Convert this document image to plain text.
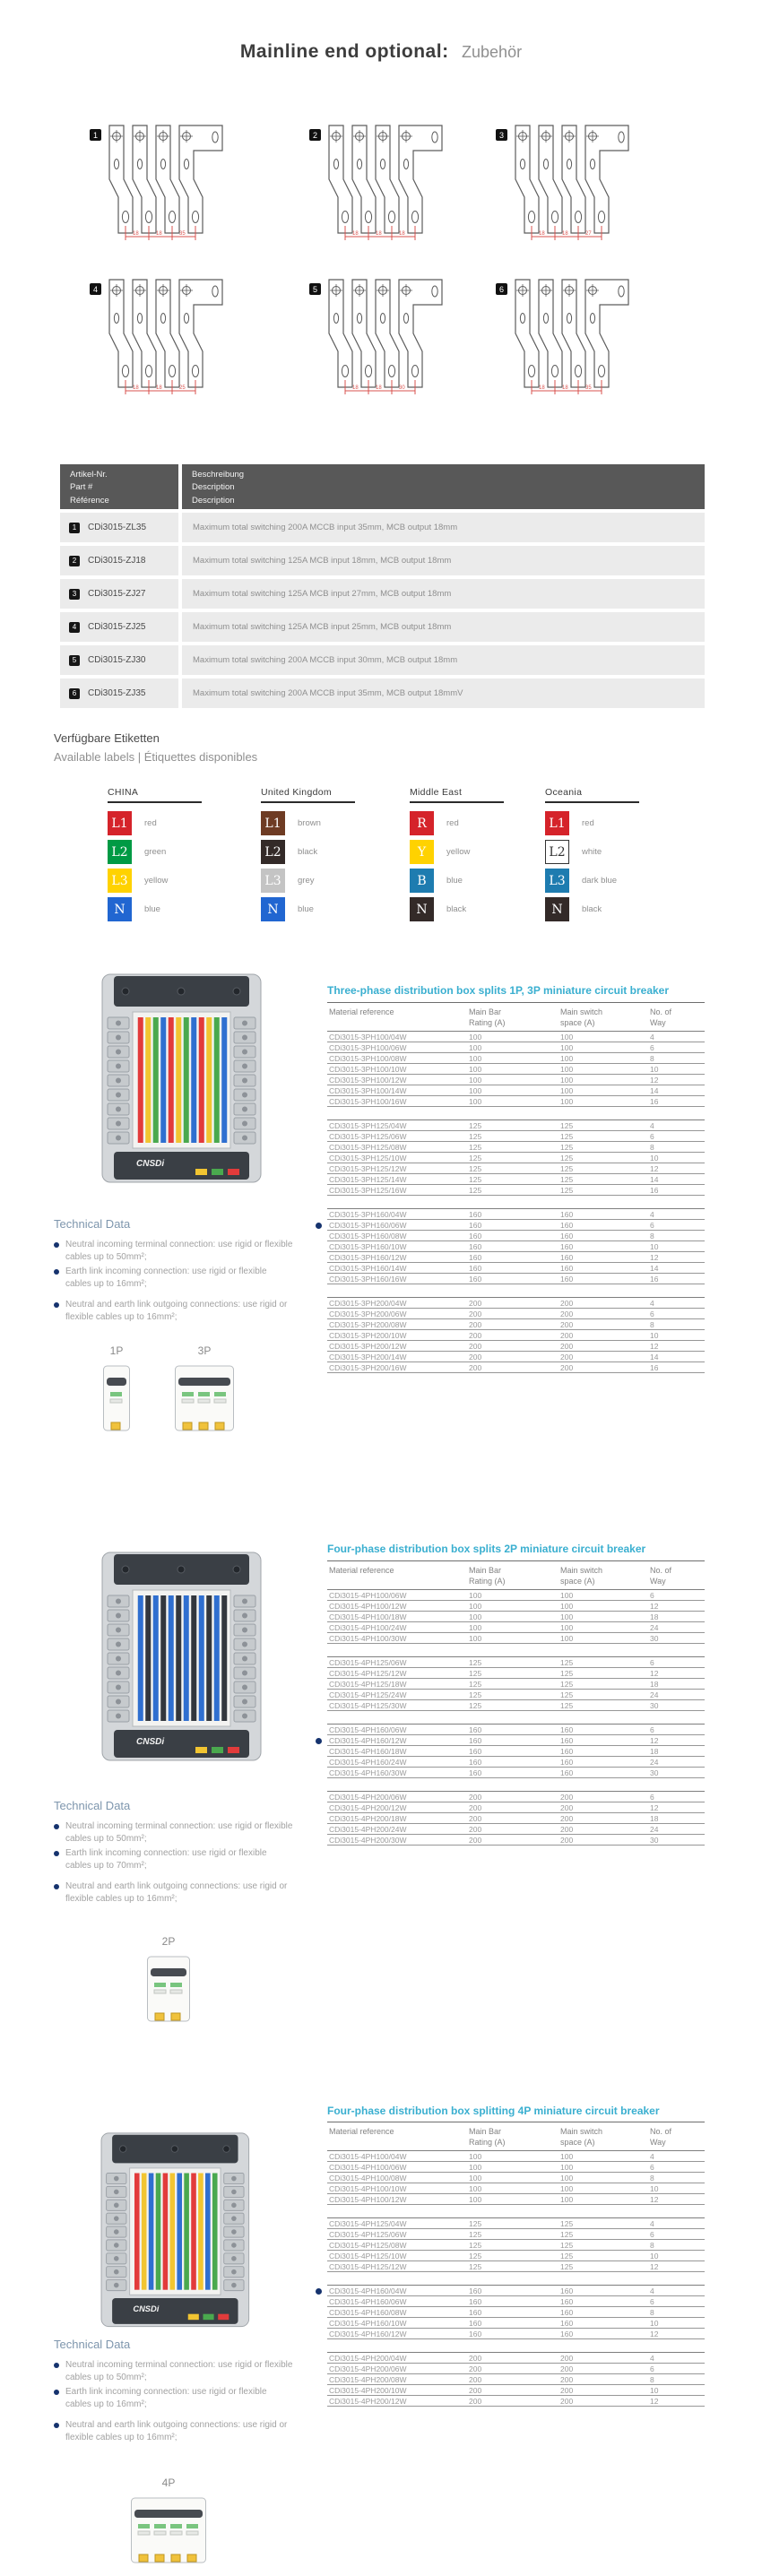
Mainline end optional: Zubehör
1
18	18	35
2
18	18	18
3
18	18	27
4
18	18	25
5
18	18	30
6
18	18	35
Artikel-Nr.
Part #
Référence
Beschreibung
Description
Description
1	CDi3015-ZL35	Maximum total switching 200A MCCB input 35mm, MCB output 18mm
2	CDi3015-ZJ18	Maximum total switching 125A MCB input 18mm, MCB output 18mm
3	CDi3015-ZJ27	Maximum total switching 125A MCB input 27mm, MCB output 18mm
4	CDi3015-ZJ25	Maximum total switching 125A MCB input 25mm, MCB output 18mm
5	CDi3015-ZJ30	Maximum total switching 200A MCCB input 30mm, MCB output 18mm
6	CDi3015-ZJ35	Maximum total switching 200A MCCB input 35mm, MCB output 18mmV
Verfügbare Etiketten
Available labels | Étiquettes disponibles
CHINA
L1	red
L2	green
L3	yellow
N	blue
United Kingdom
L1	brown
L2	black
L3	grey
N	blue
Middle East
R	red
Y	yellow
B	blue
N	black
Oceania
L1	red
L2	white
L3	dark blue
N	black
Three-phase distribution box splits 1P, 3P miniature circuit breaker
CNSDi
Technical Data
Neutral incoming terminal connection: use rigid or flexible cables up to 50mm²;
Earth link incoming connection: use rigid or flexible cables up to 16mm²;
Neutral and earth link outgoing connections: use rigid or flexible cables up to 16mm²;
1P	3P
Material reference	Main Bar
Rating (A)
Main switch
space (A)
No. of
Way
CDi3015-3PH100/04W	100	100	4
CDi3015-3PH100/06W	100	100	6
CDi3015-3PH100/08W	100	100	8
CDi3015-3PH100/10W	100	100	10
CDi3015-3PH100/12W	100	100	12
CDi3015-3PH100/14W	100	100	14
CDi3015-3PH100/16W	100	100	16
CDi3015-3PH125/04W	125	125	4
CDi3015-3PH125/06W	125	125	6
CDi3015-3PH125/08W	125	125	8
CDi3015-3PH125/10W	125	125	10
CDi3015-3PH125/12W	125	125	12
CDi3015-3PH125/14W	125	125	14
CDi3015-3PH125/16W	125	125	16
CDi3015-3PH160/04W	160	160	4
CDi3015-3PH160/06W	160	160	6
CDi3015-3PH160/08W	160	160	8
CDi3015-3PH160/10W	160	160	10
CDi3015-3PH160/12W	160	160	12
CDi3015-3PH160/14W	160	160	14
CDi3015-3PH160/16W	160	160	16
CDi3015-3PH200/04W	200	200	4
CDi3015-3PH200/06W	200	200	6
CDi3015-3PH200/08W	200	200	8
CDi3015-3PH200/10W	200	200	10
CDi3015-3PH200/12W	200	200	12
CDi3015-3PH200/14W	200	200	14
CDi3015-3PH200/16W	200	200	16
Four-phase distribution box splits 2P miniature circuit breaker
CNSDi
Technical Data
Neutral incoming terminal connection: use rigid or flexible cables up to 50mm²;
Earth link incoming connection: use rigid or flexible cables up to 70mm²;
Neutral and earth link outgoing connections: use rigid or flexible cables up to 16mm²;
2P
Material reference	Main Bar
Rating (A)
Main switch
space (A)
No. of
Way
CDi3015-4PH100/06W	100	100	6
CDi3015-4PH100/12W	100	100	12
CDi3015-4PH100/18W	100	100	18
CDi3015-4PH100/24W	100	100	24
CDi3015-4PH100/30W	100	100	30
CDi3015-4PH125/06W	125	125	6
CDi3015-4PH125/12W	125	125	12
CDi3015-4PH125/18W	125	125	18
CDi3015-4PH125/24W	125	125	24
CDi3015-4PH125/30W	125	125	30
CDi3015-4PH160/06W	160	160	6
CDi3015-4PH160/12W	160	160	12
CDi3015-4PH160/18W	160	160	18
CDi3015-4PH160/24W	160	160	24
CDi3015-4PH160/30W	160	160	30
CDi3015-4PH200/06W	200	200	6
CDi3015-4PH200/12W	200	200	12
CDi3015-4PH200/18W	200	200	18
CDi3015-4PH200/24W	200	200	24
CDi3015-4PH200/30W	200	200	30
Four-phase distribution box splitting 4P miniature circuit breaker
CNSDi
Technical Data
Neutral incoming terminal connection: use rigid or flexible cables up to 50mm²;
Earth link incoming connection: use rigid or flexible cables up to 16mm²;
Neutral and earth link outgoing connections: use rigid or flexible cables up to 16mm²;
4P
Material reference	Main Bar
Rating (A)
Main switch
space (A)
No. of
Way
CDi3015-4PH100/04W	100	100	4
CDi3015-4PH100/06W	100	100	6
CDi3015-4PH100/08W	100	100	8
CDi3015-4PH100/10W	100	100	10
CDi3015-4PH100/12W	100	100	12
CDi3015-4PH125/04W	125	125	4
CDi3015-4PH125/06W	125	125	6
CDi3015-4PH125/08W	125	125	8
CDi3015-4PH125/10W	125	125	10
CDi3015-4PH125/12W	125	125	12
CDi3015-4PH160/04W	160	160	4
CDi3015-4PH160/06W	160	160	6
CDi3015-4PH160/08W	160	160	8
CDi3015-4PH160/10W	160	160	10
CDi3015-4PH160/12W	160	160	12
CDi3015-4PH200/04W	200	200	4
CDi3015-4PH200/06W	200	200	6
CDi3015-4PH200/08W	200	200	8
CDi3015-4PH200/10W	200	200	10
CDi3015-4PH200/12W	200	200	12
